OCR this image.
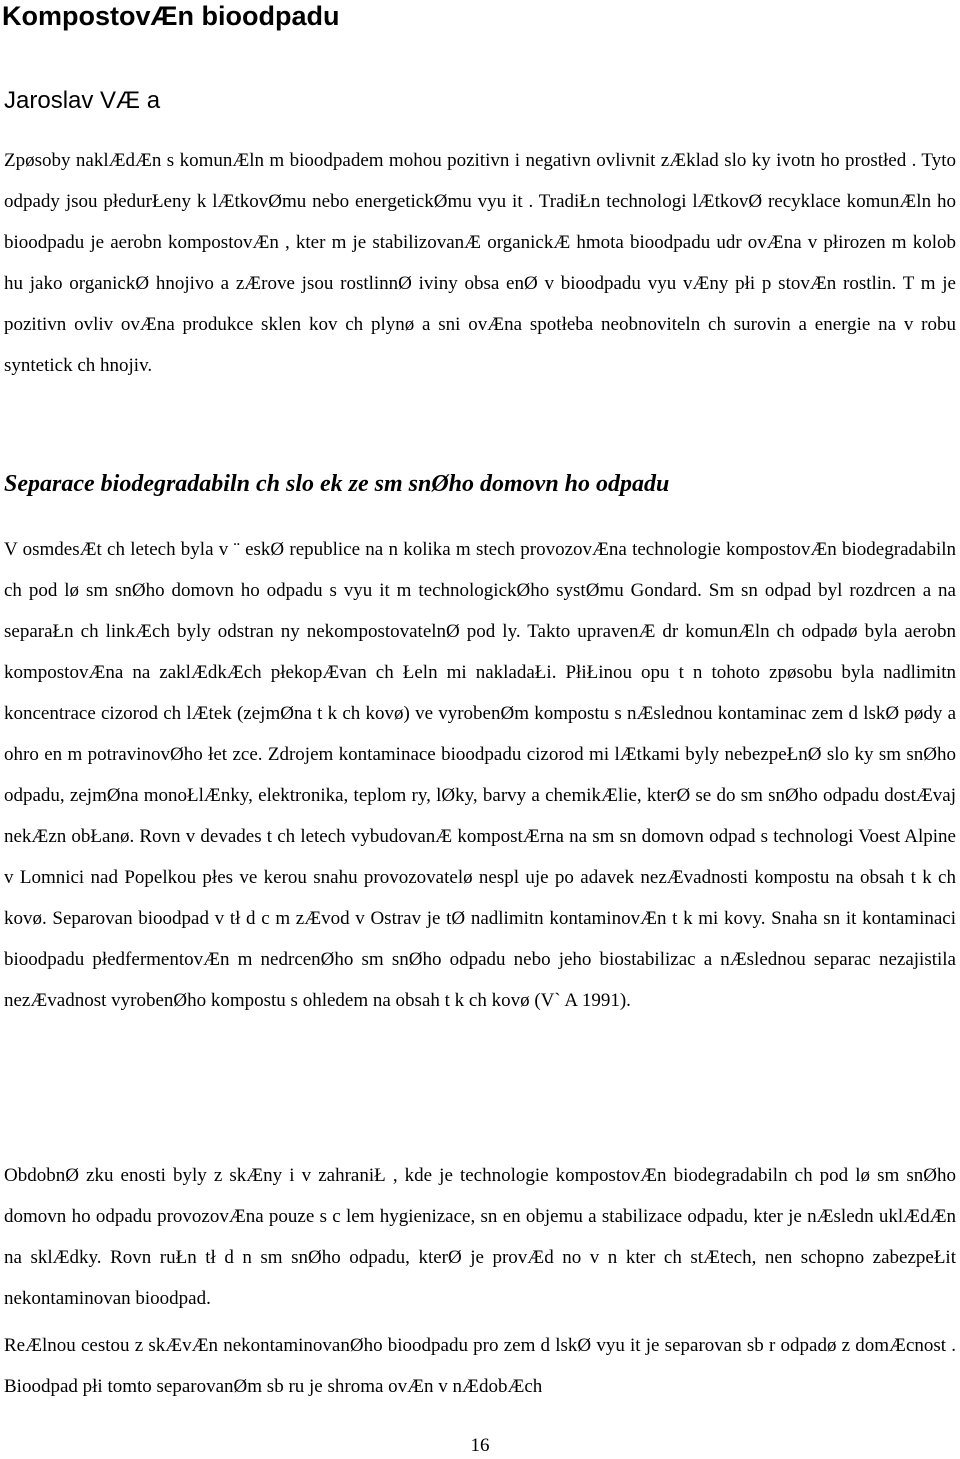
KompostovÆn bioodpadu
Jaroslav VÆ a

Zpøsoby naklÆdÆn s komunÆln m bioodpadem mohou pozitivn i negativn ovlivnit zÆklad slo ky ivotn ho prostłed . Tyto odpady jsou płedurŁeny k lÆtkovØmu nebo energetickØmu vyu it . TradiŁn technologi lÆtkovØ recyklace komunÆln ho bioodpadu je aerobn kompostovÆn , kter m je stabilizovanÆ organickÆ hmota bioodpadu udr ovÆna v płirozen m kolob hu jako organickØ hnojivo a zÆrove jsou rostlinnØ iviny obsa enØ v bioodpadu vyu vÆny płi p stovÆn rostlin. T m je pozitivn ovliv ovÆna produkce sklen kov ch plynø a sni ovÆna spotłeba neobnoviteln ch surovin a energie na v robu syntetick ch hnojiv.

Separace biodegradabiln ch slo ek ze sm snØho domovn ho odpadu

V osmdesÆt ch letech byla v ¨ eskØ republice na n kolika m stech provozovÆna technologie kompostovÆn biodegradabiln ch pod lø sm snØho domovn ho odpadu s vyu it m technologickØho systØmu Gondard. Sm sn odpad byl rozdrcen a na separaŁn ch linkÆch byly odstran ny nekompostovatelnØ pod ly. Takto upravenÆ dr komunÆln ch odpadø byla aerobn kompostovÆna na zaklÆdkÆch płekopÆvan ch Łeln mi nakladaŁi. PłiŁinou opu t n tohoto zpøsobu byla nadlimitn koncentrace cizorod ch lÆtek (zejmØna t k ch kovø) ve vyrobenØm kompostu s nÆslednou kontaminac zem d lskØ pødy a ohro en m potravinovØho łet zce. Zdrojem kontaminace bioodpadu cizorod mi lÆtkami byly nebezpeŁnØ slo ky sm snØho odpadu, zejmØna monoŁlÆnky, elektronika, teplom ry, lØky, barvy a chemikÆlie, kterØ se do sm snØho odpadu dostÆvaj nekÆzn obŁanø. Rovn v devades t ch letech vybudovanÆ kompostÆrna na sm sn domovn odpad s technologi Voest Alpine v Lomnici nad Popelkou płes ve kerou snahu provozovatelø nespl uje po adavek nezÆvadnosti kompostu na obsah t k ch kovø. Separovan bioodpad v tł d c m zÆvod v Ostrav je tØ nadlimitn kontaminovÆn t k mi kovy. Snaha sn it kontaminaci bioodpadu płedfermentovÆn m nedrcenØho sm snØho odpadu nebo jeho biostabilizac a nÆslednou separac nezajistila nezÆvadnost vyrobenØho kompostu s ohledem na obsah t k ch kovø (V` A 1991).

ObdobnØ zku enosti byly z skÆny i v zahraniŁ , kde je technologie kompostovÆn biodegradabiln ch pod lø sm snØho domovn ho odpadu provozovÆna pouze s c lem hygienizace, sn en objemu a stabilizace odpadu, kter je nÆsledn uklÆdÆn na sklÆdky. Rovn ruŁn tł d n sm snØho odpadu, kterØ je provÆd no v n kter ch stÆtech, nen schopno zabezpeŁit nekontaminovan bioodpad.

ReÆlnou cestou z skÆvÆn nekontaminovanØho bioodpadu pro zem d lskØ vyu it je separovan sb r odpadø z domÆcnost . Bioodpad płi tomto separovanØm sb ru je shroma ovÆn v nÆdobÆch

16
